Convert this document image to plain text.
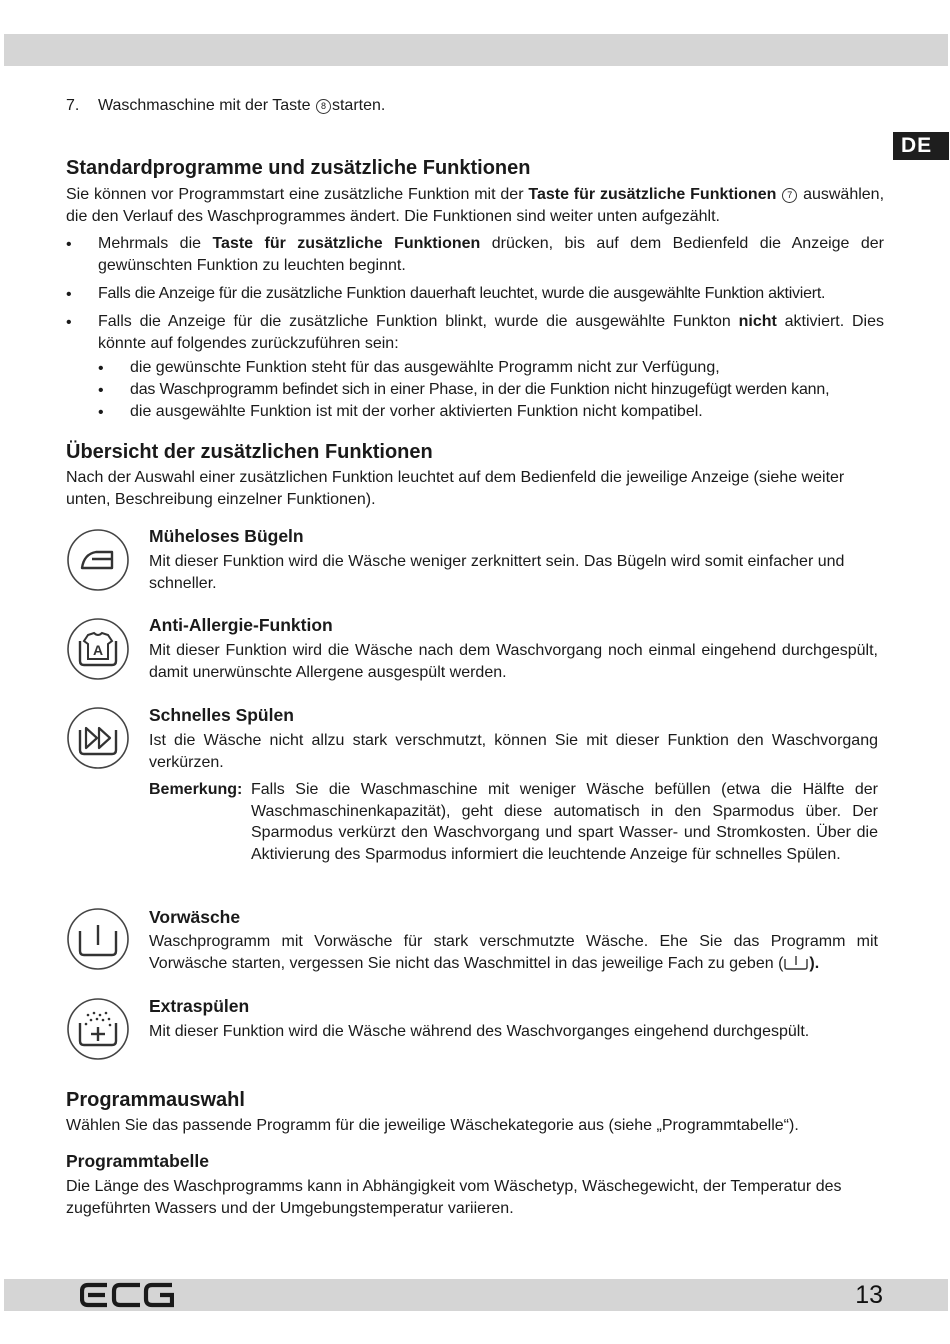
DE

7.	Waschmaschine mit der Taste 8 starten.

Standardprogramme und zusätzliche Funktionen

Sie können vor Programmstart eine zusätzliche Funktion mit der Taste für zusätzliche Funktionen 7 auswählen, die den Verlauf des Waschprogrammes ändert. Die Funktionen sind weiter unten aufgezählt.

• Mehrmals die Taste für zusätzliche Funktionen drücken, bis auf dem Bedienfeld die Anzeige der gewünschten Funktion zu leuchten beginnt.

• Falls die Anzeige für die zusätzliche Funktion dauerhaft leuchtet, wurde die ausgewählte Funktion aktiviert.

• Falls die Anzeige für die zusätzliche Funktion blinkt, wurde die ausgewählte Funkton nicht aktiviert. Dies könnte auf folgendes zurückzuführen sein:

• die gewünschte Funktion steht für das ausgewählte Programm nicht zur Verfügung,

• das Waschprogramm befindet sich in einer Phase, in der die Funktion nicht hinzugefügt werden kann,

• die ausgewählte Funktion ist mit der vorher aktivierten Funktion nicht kompatibel.

Übersicht der zusätzlichen Funktionen

Nach der Auswahl einer zusätzlichen Funktion leuchtet auf dem Bedienfeld die jeweilige Anzeige (siehe weiter unten, Beschreibung einzelner Funktionen).

Müheloses Bügeln

Mit dieser Funktion wird die Wäsche weniger zerknittert sein. Das Bügeln wird somit einfacher und schneller.

A
Anti-Allergie-Funktion

Mit dieser Funktion wird die Wäsche nach dem Waschvorgang noch einmal eingehend durchgespült, damit unerwünschte Allergene ausgespült werden.

Schnelles Spülen

Ist die Wäsche nicht allzu stark verschmutzt, können Sie mit dieser Funktion den Waschvorgang verkürzen.

Bemerkung: Falls Sie die Waschmaschine mit weniger Wäsche befüllen (etwa die Hälfte der Waschmaschinenkapazität), geht diese automatisch in den Sparmodus über. Der Sparmodus verkürzt den Waschvorgang und spart Wasser- und Stromkosten. Über die Aktivierung des Sparmodus informiert die leuchtende Anzeige für schnelles Spülen.

Vorwäsche

Waschprogramm mit Vorwäsche für stark verschmutzte Wäsche. Ehe Sie das Programm mit Vorwäsche starten, vergessen Sie nicht das Waschmittel in das jeweilige Fach zu geben ( ).

Extraspülen

Mit dieser Funktion wird die Wäsche während des Waschvorganges eingehend durchgespült.

Programmauswahl

Wählen Sie das passende Programm für die jeweilige Wäschekategorie aus (siehe „Programmtabelle“).

Programmtabelle

Die Länge des Waschprogramms kann in Abhängigkeit vom Wäschetyp, Wäschegewicht, der Temperatur des zugeführten Wassers und der Umgebungstemperatur variieren.

13
